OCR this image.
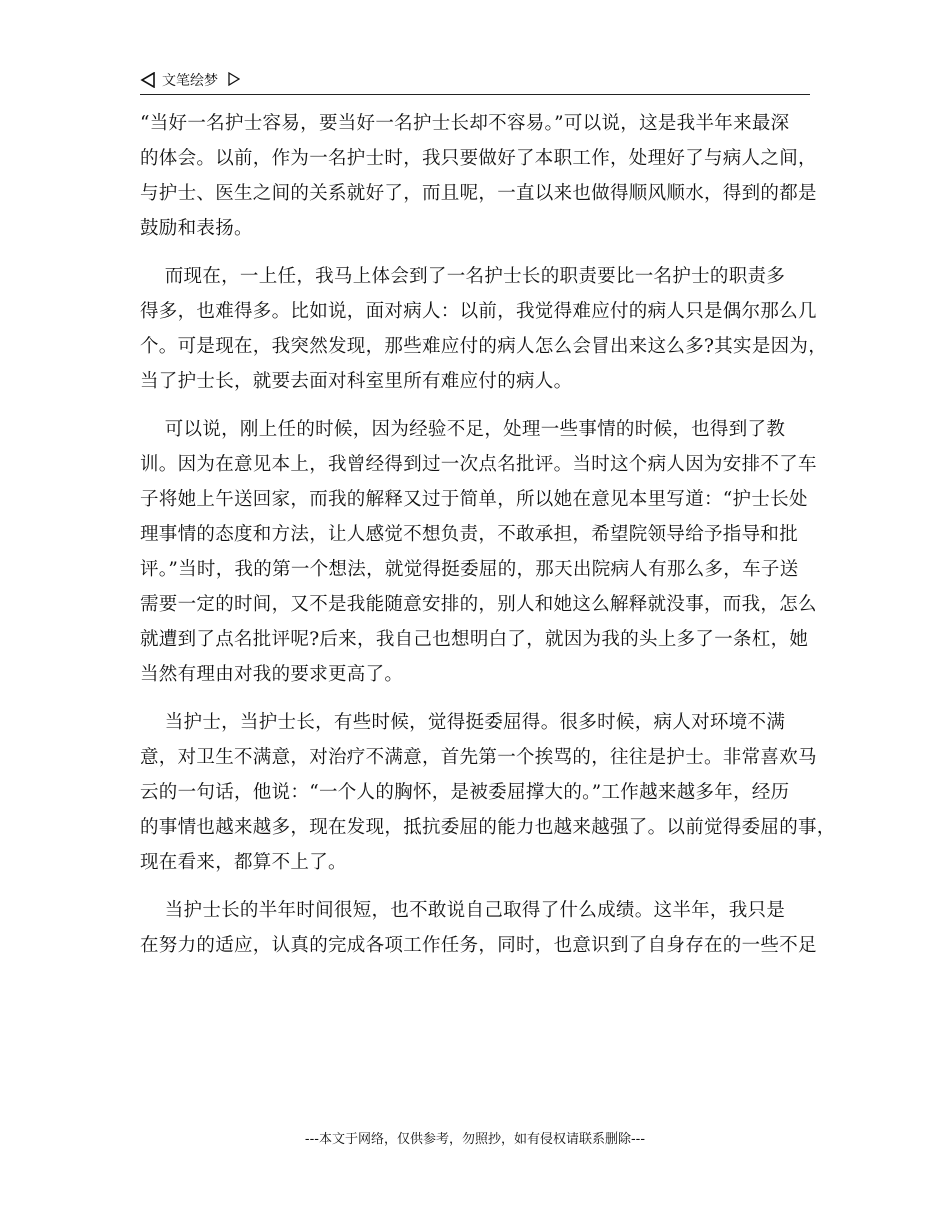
文笔绘梦
“当好一名护士容易，要当好一名护士长却不容易。”可以说，这是我半年来最深
的体会。以前，作为一名护士时，我只要做好了本职工作，处理好了与病人之间，
与护士、医生之间的关系就好了，而且呢，一直以来也做得顺风顺水，得到的都是
鼓励和表扬。
而现在，一上任，我马上体会到了一名护士长的职责要比一名护士的职责多
得多，也难得多。比如说，面对病人：以前，我觉得难应付的病人只是偶尔那么几
个。可是现在，我突然发现，那些难应付的病人怎么会冒出来这么多?其实是因为，
当了护士长，就要去面对科室里所有难应付的病人。
可以说，刚上任的时候，因为经验不足，处理一些事情的时候，也得到了教
训。因为在意见本上，我曾经得到过一次点名批评。当时这个病人因为安排不了车
子将她上午送回家，而我的解释又过于简单，所以她在意见本里写道：“护士长处
理事情的态度和方法，让人感觉不想负责，不敢承担，希望院领导给予指导和批
评。”当时，我的第一个想法，就觉得挺委屈的，那天出院病人有那么多，车子送
需要一定的时间，又不是我能随意安排的，别人和她这么解释就没事，而我，怎么
就遭到了点名批评呢?后来，我自己也想明白了，就因为我的头上多了一条杠，她
当然有理由对我的要求更高了。
当护士，当护士长，有些时候，觉得挺委屈得。很多时候，病人对环境不满
意，对卫生不满意，对治疗不满意，首先第一个挨骂的，往往是护士。非常喜欢马
云的一句话，他说：“一个人的胸怀，是被委屈撑大的。”工作越来越多年，经历
的事情也越来越多，现在发现，抵抗委屈的能力也越来越强了。以前觉得委屈的事，
现在看来，都算不上了。
当护士长的半年时间很短，也不敢说自己取得了什么成绩。这半年，我只是
在努力的适应，认真的完成各项工作任务，同时，也意识到了自身存在的一些不足
---本文于网络，仅供参考，勿照抄，如有侵权请联系删除---
